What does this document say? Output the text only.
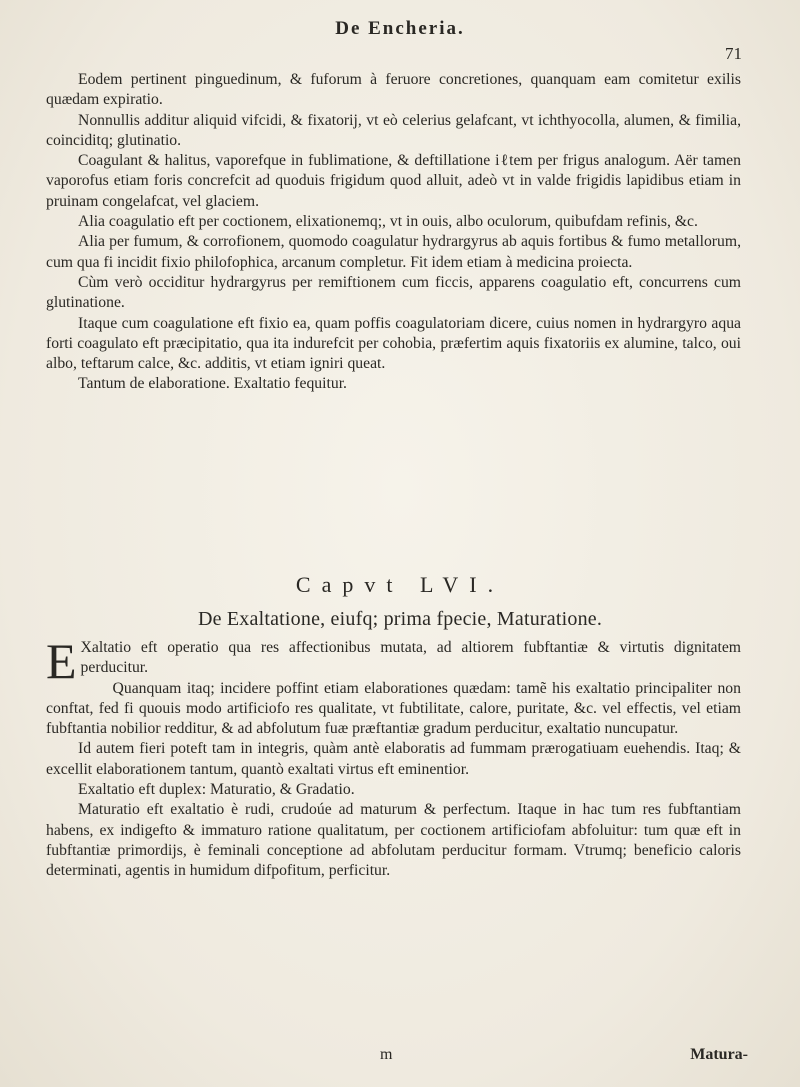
De Encheria.
71

Eodem pertinent pinguedinum, & fuforum à feruore concretiones, quanquam eam comitetur exilis quædam expiratio.

Nonnullis additur aliquid vifcidi, & fixatorij, vt eò celerius gelafcant, vt ichthyocolla, alumen, & fimilia, coinciditq; glutinatio.

Coagulant & halitus, vaporefque in fublimatione, & deftillatione iℓtem per frigus analogum. Aër tamen vaporofus etiam foris concrefcit ad quoduis frigidum quod alluit, adeò vt in valde frigidis lapidibus etiam in pruinam congelafcat, vel glaciem.

Alia coagulatio eft per coctionem, elixationemq;, vt in ouis, albo oculorum, quibufdam refinis, &c.

Alia per fumum, & corrofionem, quomodo coagulatur hydrargyrus ab aquis fortibus & fumo metallorum, cum qua fi incidit fixio philofophica, arcanum completur. Fit idem etiam à medicina proiecta.

Cùm verò occiditur hydrargyrus per remiftionem cum ficcis, apparens coagulatio eft, concurrens cum glutinatione.

Itaque cum coagulatione eft fixio ea, quam poffis coagulatoriam dicere, cuius nomen in hydrargyro aqua forti coagulato eft præcipitatio, qua ita indurefcit per cohobia, præfertim aquis fixatoriis ex alumine, talco, oui albo, teftarum calce, &c. additis, vt etiam igniri queat.

Tantum de elaboratione. Exaltatio fequitur.

Capvt LVI.

De Exaltatione, eiufq; prima fpecie, Maturatione.

E Xaltatio eft operatio qua res affectionibus mutata, ad altiorem fubftantiæ & virtutis dignitatem perducitur.

Quanquam itaq; incidere poffint etiam elaborationes quædam: tamẽ his exaltatio principaliter non conftat, fed fi quouis modo artificiofo res qualitate, vt fubtilitate, calore, puritate, &c. vel effectis, vel etiam fubftantia nobilior redditur, & ad abfolutum fuæ præftantiæ gradum perducitur, exaltatio nuncupatur.

Id autem fieri poteft tam in integris, quàm antè elaboratis ad fummam prærogatiuam euehendis. Itaq; & excellit elaborationem tantum, quantò exaltati virtus eft eminentior.

Exaltatio eft duplex: Maturatio, & Gradatio.

Maturatio eft exaltatio è rudi, crudoúe ad maturum & perfectum. Itaque in hac tum res fubftantiam habens, ex indigefto & immaturo ratione qualitatum, per coctionem artificiofam abfoluitur: tum quæ eft in fubftantiæ primordijs, è feminali conceptione ad abfolutam perducitur formam. Vtrumq; beneficio caloris determinati, agentis in humidum difpofitum, perficitur.

m	Matura-
